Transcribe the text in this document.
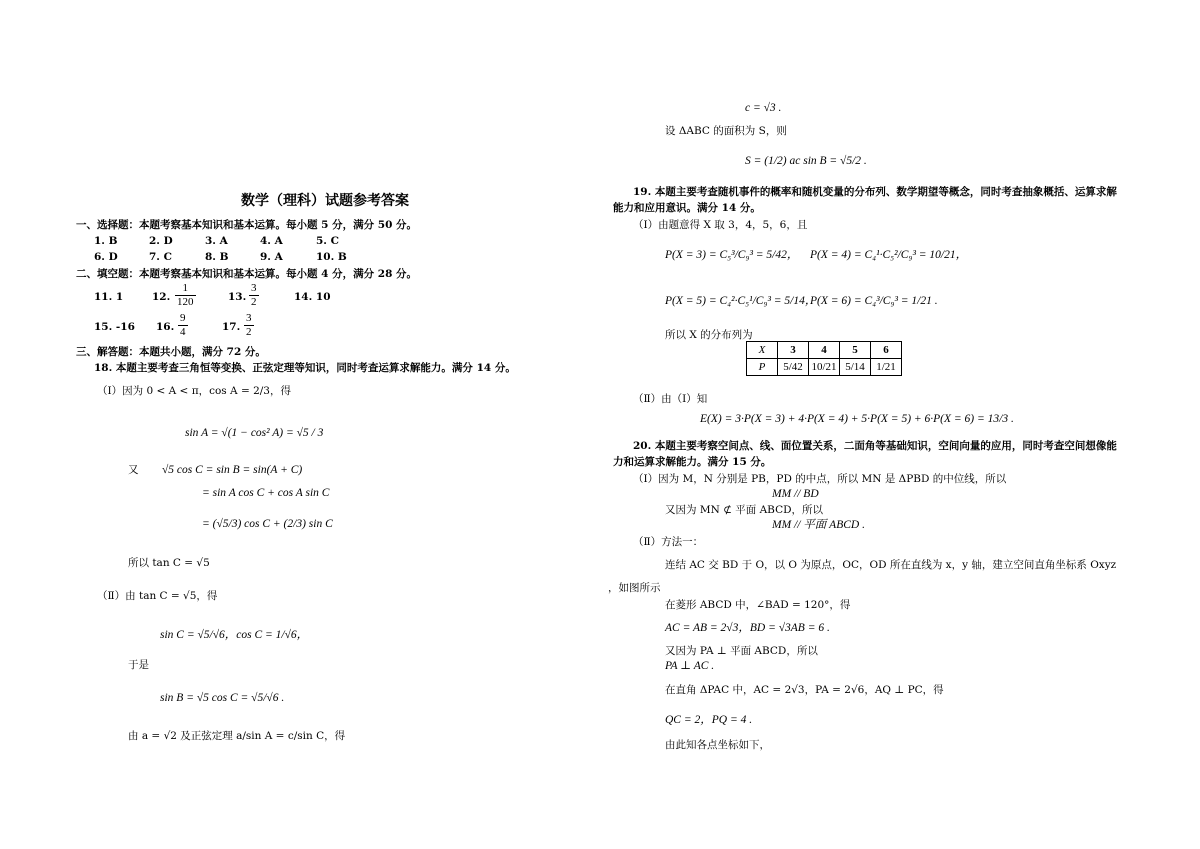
数学（理科）试题参考答案
一、选择题：本题考察基本知识和基本运算。每小题 5 分，满分 50 分。
1. B	2. D	3. A	4. A	5. C
6. D	7. C	8. B	9. A	10. B
二、填空题：本题考察基本知识和基本运算。每小题 4 分，满分 28 分。
11. 1	12. $\frac{1}{120}$	13. $\frac{3}{2}$	14. 10
15. -16 16. $\frac{9}{4}$	17. $\frac{3}{2}$
三、解答题：本题共小题，满分 72 分。
18. 本题主要考查三角恒等变换、正弦定理等知识，同时考查运算求解能力。满分 14 分。
（Ⅰ）因为 0 < A < π，cos A = 2/3，得
sin A = √(1 − cos² A) = √5 / 3
又 √5 cos C = sin B = sin(A + C)
= sin A cos C + cos A sin C
= (√5/3) cos C + (2/3) sin C
所以 tan C = √5
（Ⅱ）由 tan C = √5，得
sin C = √5/√6，cos C = 1/√6，
于是
sin B = √5 cos C = √5/√6 .
由 a = √2 及正弦定理 a/sin A = c/sin C，得
c = √3 .
设 ΔABC 的面积为 S，则
S = (1/2) ac sin B = √5/2 .
19. 本题主要考查随机事件的概率和随机变量的分布列、数学期望等概念，同时考查抽象概括、运算求解
能力和应用意识。满分 14 分。
（Ⅰ）由题意得 X 取 3，4，5，6，且
P(X = 3) = C₅³/C₉³ = 5/42， P(X = 4) = C₄¹·C₅²/C₉³ = 10/21，
P(X = 5) = C₄²·C₅¹/C₉³ = 5/14，
P(X = 6) = C₄³/C₉³ = 1/21 .
所以 X 的分布列为
X	3	4	5	6
P	5/42	10/21	5/14	1/21
（Ⅱ）由（Ⅰ）知
E(X) = 3·P(X = 3) + 4·P(X = 4) + 5·P(X = 5) + 6·P(X = 6) = 13/3 .
20. 本题主要考察空间点、线、面位置关系，二面角等基础知识，空间向量的应用，同时考查空间想像能
力和运算求解能力。满分 15 分。
（Ⅰ）因为 M，N 分别是 PB，PD 的中点，所以 MN 是 ΔPBD 的中位线，所以
MM // BD
又因为 MN ⊄ 平面 ABCD，所以
MM // 平面 ABCD .
（Ⅱ）方法一：
连结 AC 交 BD 于 O，以 O 为原点，OC，OD 所在直线为 x，y 轴，建立空间直角坐标系 Oxyz
，如图所示
在菱形 ABCD 中，∠BAD = 120°，得
AC = AB = 2√3，BD = √3AB = 6 .
又因为 PA ⊥ 平面 ABCD，所以
PA ⊥ AC .
在直角 ΔPAC 中，AC = 2√3，PA = 2√6，AQ ⊥ PC，得
QC = 2，PQ = 4 .
由此知各点坐标如下，
